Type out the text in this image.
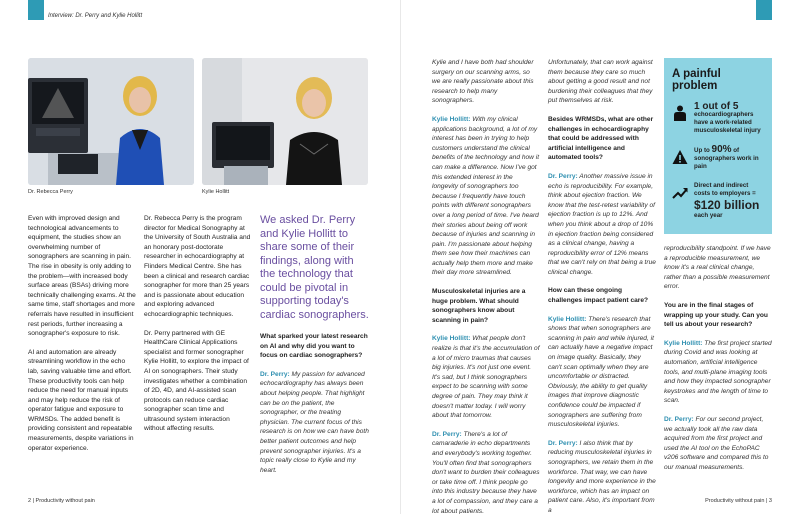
Interview: Dr. Perry and Kylie Hollitt
Dr. Rebecca Perry	Kylie Hollitt

Even with improved design and technological advancements to equipment, the studies show an overwhelming number of sonographers are scanning in pain. The rise in obesity is only adding to the problem—with increased body surface areas (BSAs) driving more technically challenging exams. At the same time, staff shortages and more referrals have resulted in insufficient rest periods, further increasing a sonographer's exposure to risk.

AI and automation are already streamlining workflow in the echo lab, saving valuable time and effort. These productivity tools can help reduce the need for manual inputs and may help reduce the risk of operator fatigue and exposure to WRMSDs. The added benefit is providing consistent and repeatable measurements, despite variations in operator experience.

Dr. Rebecca Perry is the program director for Medical Sonography at the University of South Australia and an honorary post-doctorate researcher in echocardiography at Flinders Medical Centre. She has been a clinical and research cardiac sonographer for more than 25 years and is passionate about education and exploring advanced echocardiographic techniques.

Dr. Perry partnered with GE HealthCare Clinical Applications specialist and former sonographer Kylie Hollitt, to explore the impact of AI on sonographers. Their study investigates whether a combination of 2D, 4D, and AI-assisted scan protocols can reduce cardiac sonographer scan time and ultrasound system interaction without affecting results.

We asked Dr. Perry and Kylie Hollitt to share some of their findings, along with the technology that could be pivotal in supporting today's cardiac sonographers.

What sparked your latest research on AI and why did you want to focus on cardiac sonographers?

Dr. Perry: My passion for advanced echocardiography has always been about helping people. That highlight can be on the patient, the sonographer, or the treating physician. The current focus of this research is on how we can have both better patient outcomes and help prevent sonographer injuries. It's a topic really close to Kylie and my heart.

2 | Productivity without pain

Kylie and I have both had shoulder surgery on our scanning arms, so we are really passionate about this research to help many sonographers.

Kylie Hollitt: With my clinical applications background, a lot of my interest has been in trying to help customers understand the clinical benefits of the technology and how it can make a difference. Now I've got this extended interest in the longevity of sonographers too because I frequently have touch points with different sonographers over a long period of time. I've heard their stories about being off work because of injuries and scanning in pain. I'm passionate about helping them see how their machines can actually help them more and make their day more streamlined.

Musculoskeletal injuries are a huge problem. What should sonographers know about scanning in pain?

Kylie Hollitt: What people don't realize is that it's the accumulation of a lot of micro traumas that causes big injuries. It's not just one event. It's sad, but I think sonographers expect to be scanning with some degree of pain. They may think it doesn't matter today. I will worry about that tomorrow.

Dr. Perry: There's a lot of camaraderie in echo departments and everybody's working together. You'll often find that sonographers don't want to burden their colleagues or take time off. I think people go into this industry because they have a lot of compassion, and they care a lot about patients.

Unfortunately, that can work against them because they care so much about getting a good result and not burdening their colleagues that they put themselves at risk.

Besides WRMSDs, what are other challenges in echocardiography that could be addressed with artificial intelligence and automated tools?

Dr. Perry: Another massive issue in echo is reproducibility. For example, think about ejection fraction. We know that the test-retest variability of ejection fraction is up to 12%. And when you think about a drop of 10% in ejection fraction being considered as a clinical change, having a reproducibility error of 12% means that we can't rely on that being a true clinical change.

How can these ongoing challenges impact patient care?

Kylie Hollitt: There's research that shows that when sonographers are scanning in pain and while injured, it can actually have a negative impact on image quality. Basically, they can't scan optimally when they are uncomfortable or distracted. Obviously, the ability to get quality images that improve diagnostic confidence could be impacted if sonographers are suffering from musculoskeletal injuries.

Dr. Perry: I also think that by reducing musculoskeletal injuries in sonographers, we retain them in the workforce. That way, we can have longevity and more experience in the workforce, which has an impact on patient care. Also, it's important from a

A painful problem
1 out of 5
echocardiographers have a work-related musculoskeletal injury
Up to 90% of sonographers work in pain
Direct and indirect costs to employers =
$120 billion
each year

reproducibility standpoint. If we have a reproducible measurement, we know it's a real clinical change, rather than a possible measurement error.

You are in the final stages of wrapping up your study. Can you tell us about your research?

Kylie Hollitt: The first project started during Covid and was looking at automation, artificial intelligence tools, and multi-plane imaging tools and how they impacted sonographer keystrokes and the length of time to scan.

Dr. Perry: For our second project, we actually took all the raw data acquired from the first project and used the AI tool on the EchoPAC v206 software and compared this to our manual measurements.

Productivity without pain | 3
